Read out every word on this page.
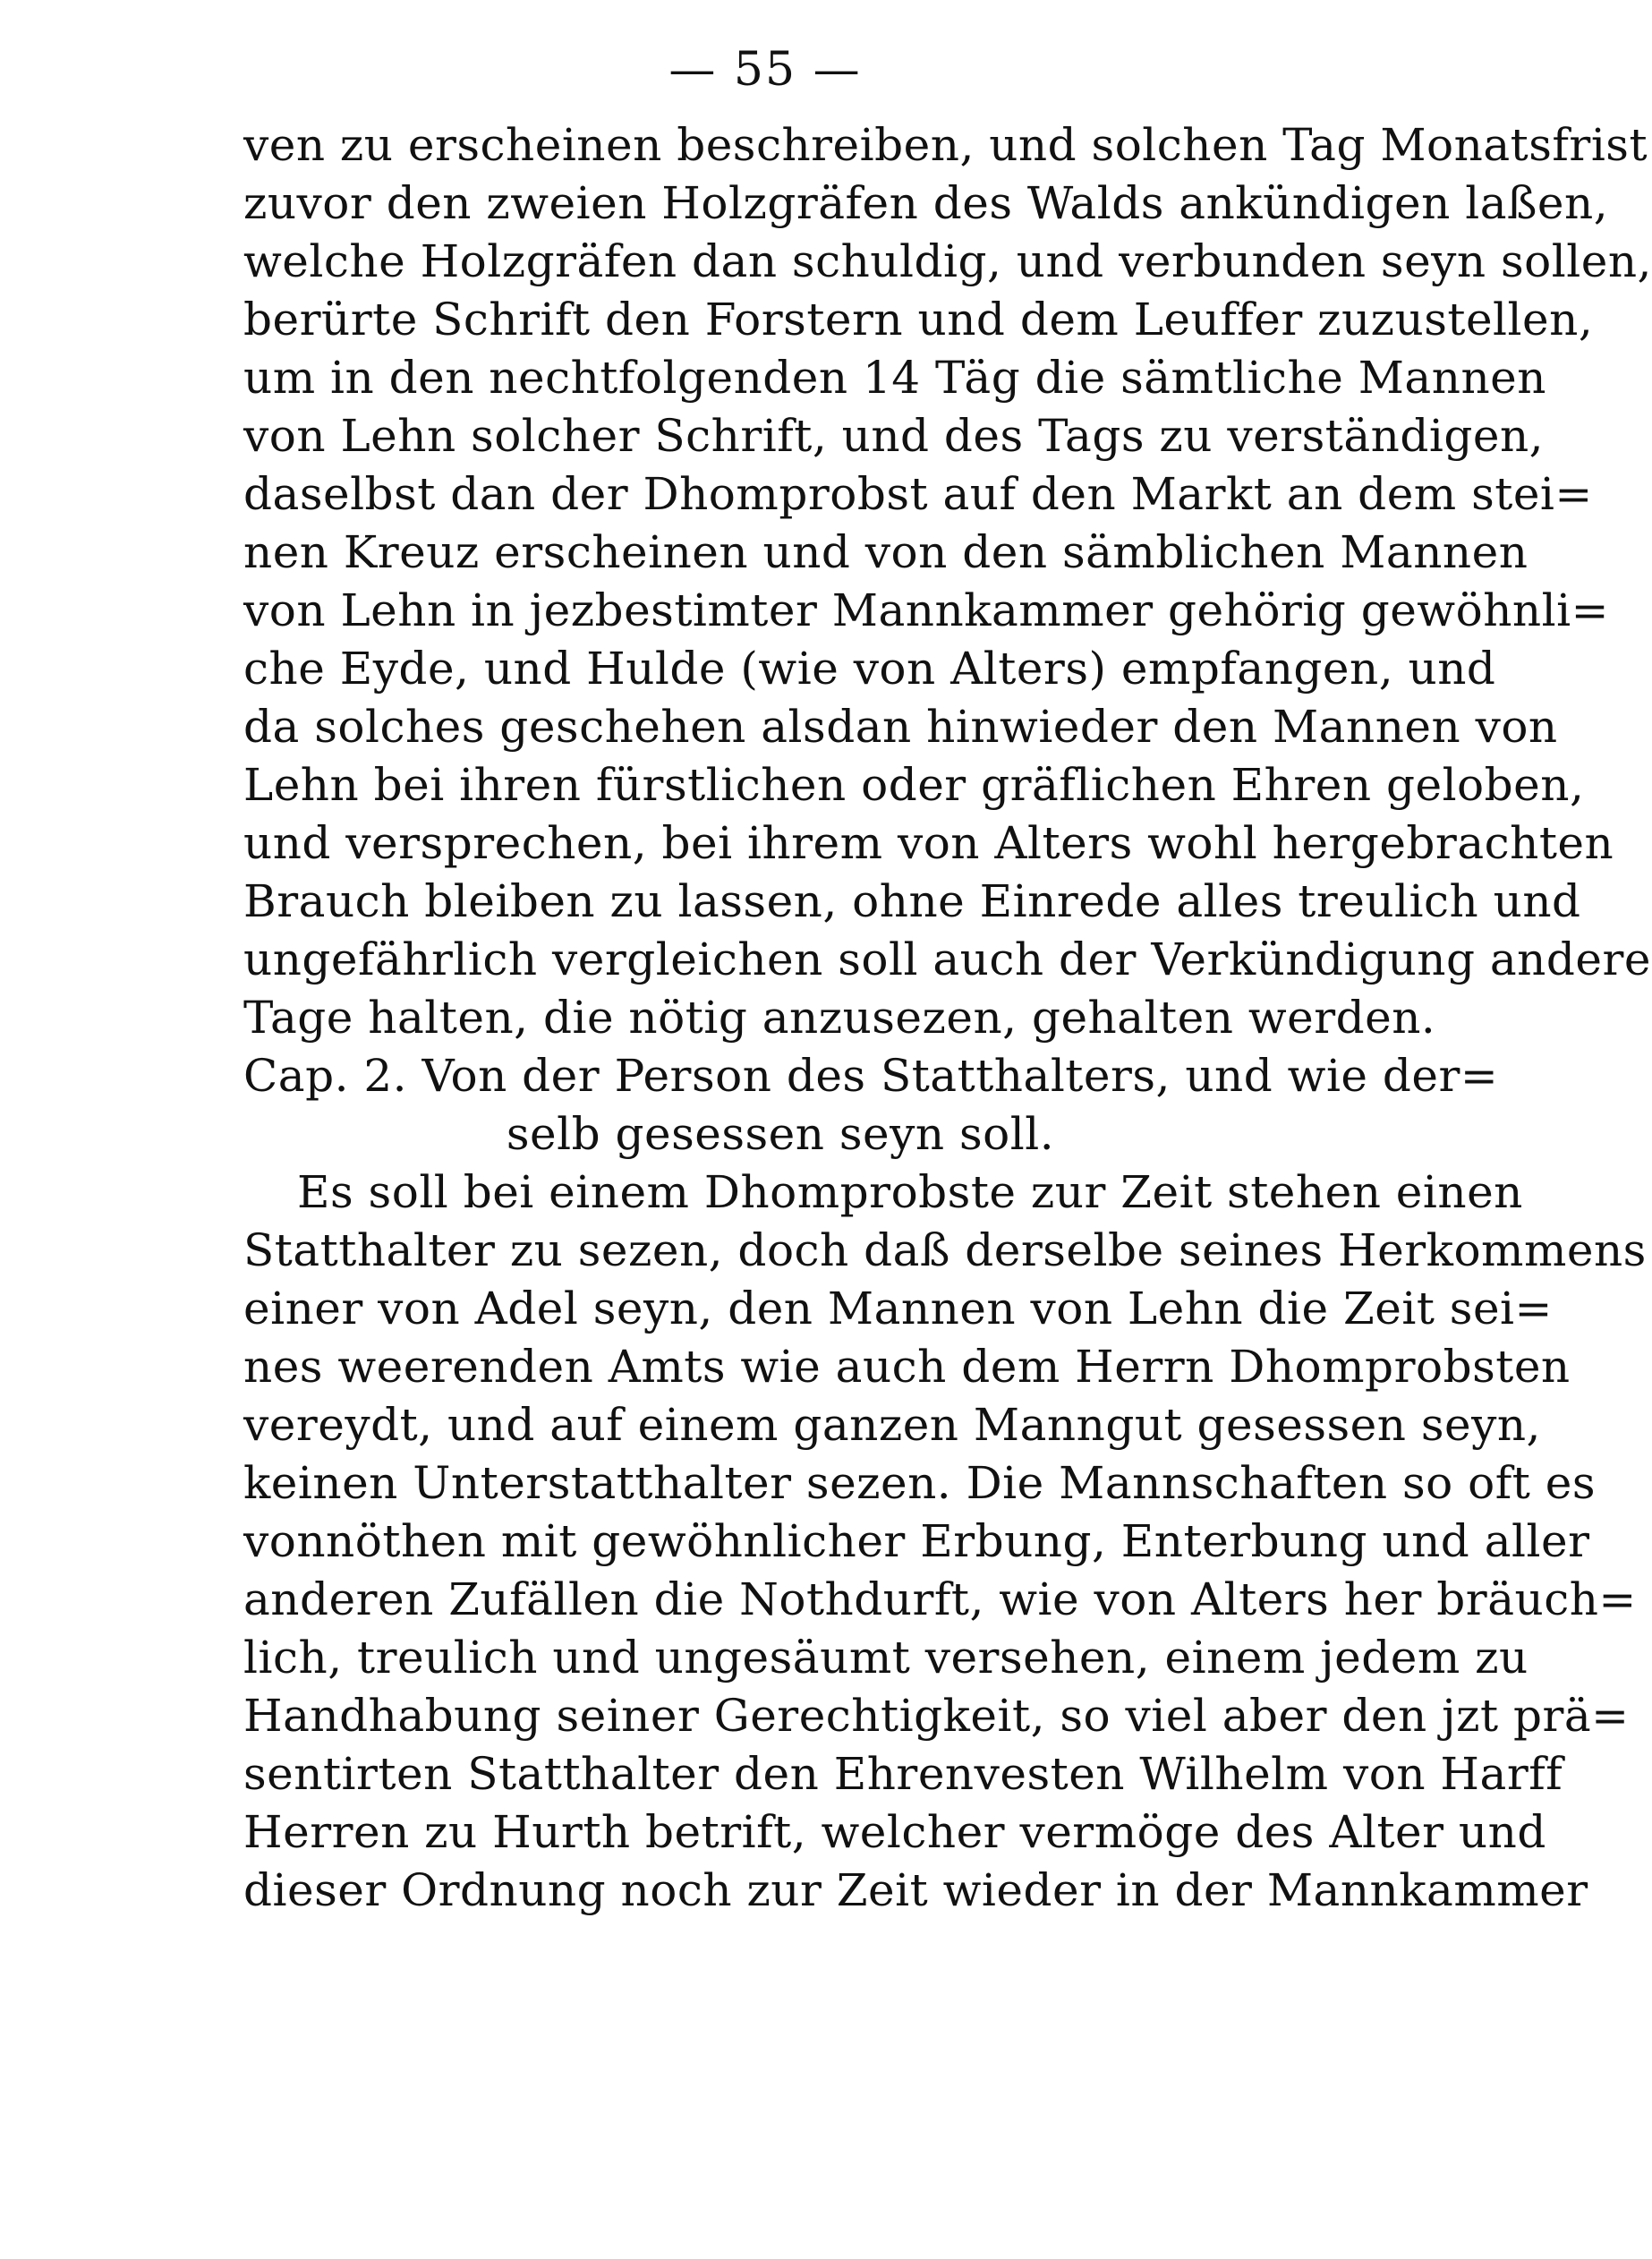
— 55 —
ven zu erscheinen beschreiben, und solchen Tag Monatsfrist
zuvor den zweien Holzgräfen des Walds ankündigen laßen,
welche Holzgräfen dan schuldig, und verbunden seyn sollen,
berürte Schrift den Forstern und dem Leuffer zuzustellen,
um in den nechtfolgenden 14 Täg die sämtliche Mannen
von Lehn solcher Schrift, und des Tags zu verständigen,
daselbst dan der Dhomprobst auf den Markt an dem stei=
nen Kreuz erscheinen und von den sämblichen Mannen
von Lehn in jezbestimter Mannkammer gehörig gewöhnli=
che Eyde, und Hulde (wie von Alters) empfangen, und
da solches geschehen alsdan hinwieder den Mannen von
Lehn bei ihren fürstlichen oder gräflichen Ehren geloben,
und versprechen, bei ihrem von Alters wohl hergebrachten
Brauch bleiben zu lassen, ohne Einrede alles treulich und
ungefährlich vergleichen soll auch der Verkündigung andere
Tage halten, die nötig anzusezen, gehalten werden.
Cap. 2. Von der Person des Statthalters, und wie der=
selb gesessen seyn soll.
Es soll bei einem Dhomprobste zur Zeit stehen einen
Statthalter zu sezen, doch daß derselbe seines Herkommens
einer von Adel seyn, den Mannen von Lehn die Zeit sei=
nes weerenden Amts wie auch dem Herrn Dhomprobsten
vereydt, und auf einem ganzen Manngut gesessen seyn,
keinen Unterstatthalter sezen. Die Mannschaften so oft es
vonnöthen mit gewöhnlicher Erbung, Enterbung und aller
anderen Zufällen die Nothdurft, wie von Alters her bräuch=
lich, treulich und ungesäumt versehen, einem jedem zu
Handhabung seiner Gerechtigkeit, so viel aber den jzt prä=
sentirten Statthalter den Ehrenvesten Wilhelm von Harff
Herren zu Hurth betrift, welcher vermöge des Alter und
dieser Ordnung noch zur Zeit wieder in der Mannkammer
